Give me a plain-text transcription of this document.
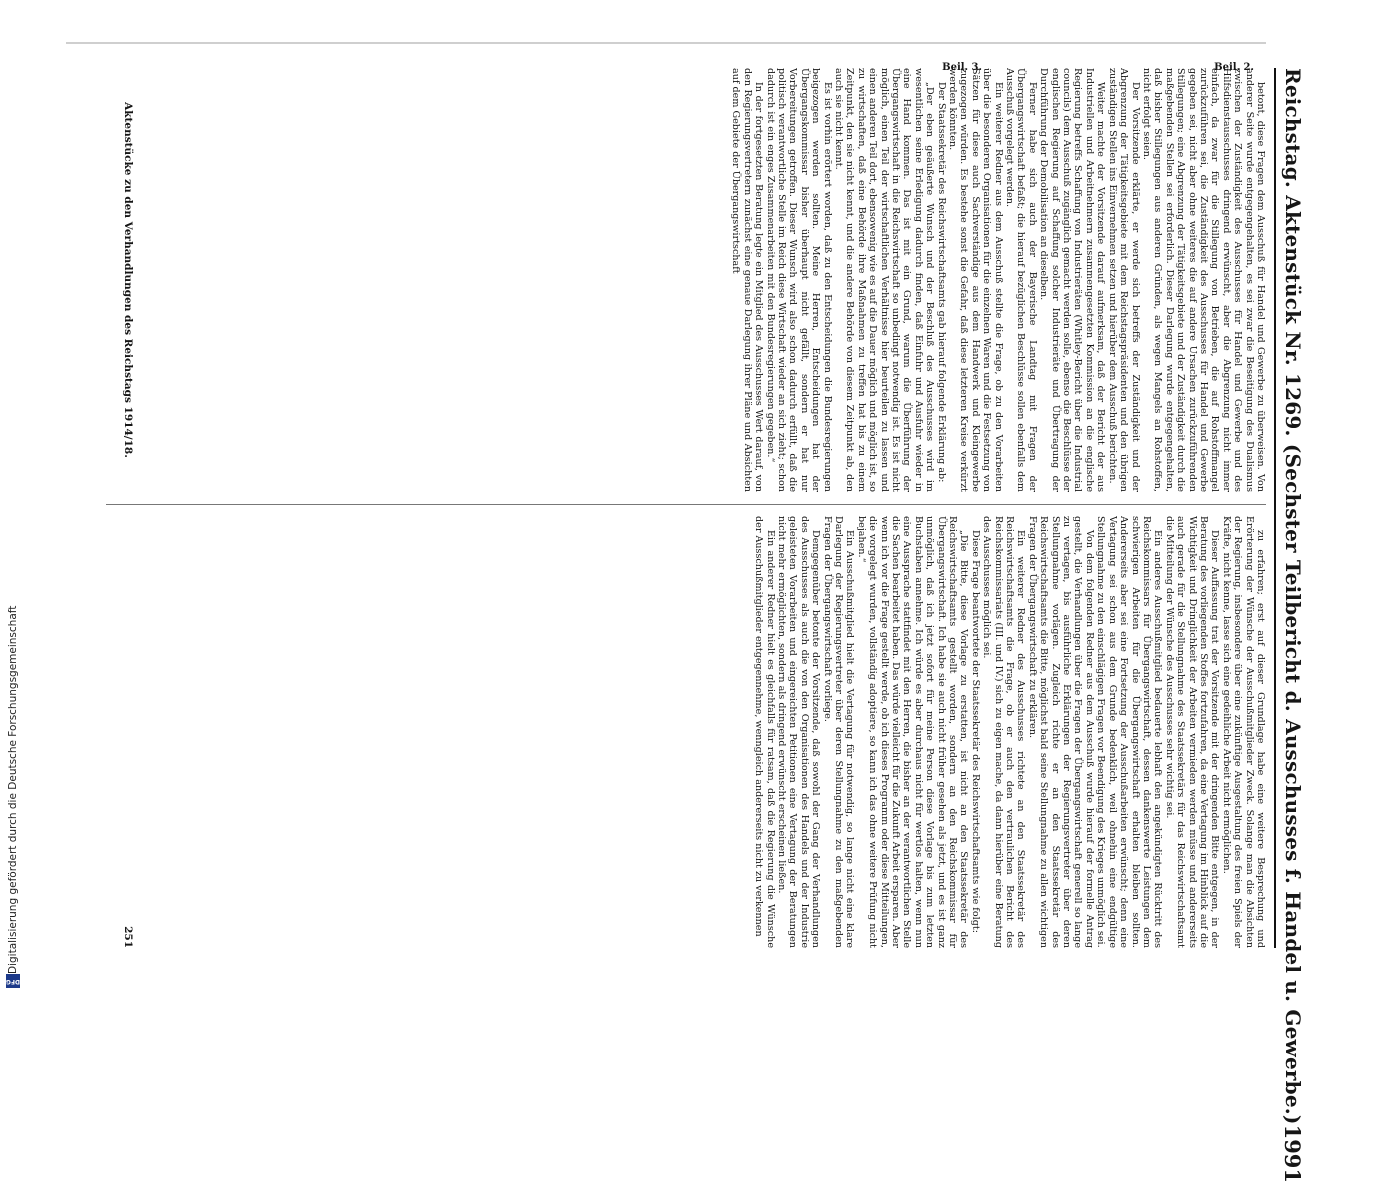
DFG
Digitalisierung gefördert durch die Deutsche Forschungsgemeinschaft	Reichstag. Aktenstück Nr. 1269. (Sechster Teilbericht d. Ausschusses f. Handel u. Gewerbe.)
1991

betont, diese Fragen dem Ausschuß für Handel und Gewerbe zu überweisen. Von anderer Seite wurde entgegengehalten, es sei zwar die Beseitigung des Dualismus zwischen der Zuständigkeit des Ausschusses für Handel und Gewerbe und des Hilfsdienstausschusses dringend erwünscht, aber die Abgrenzung nicht immer einfach, da zwar für die Stillegung von Betrieben, die auf Rohstoffmangel zurückzuführen sei, die Zuständigkeit des Ausschusses für Handel und Gewerbe gegeben sei, nicht aber ohne weiteres die auf andere Ursachen zurückzuführenden Stillegungen; eine Abgrenzung der Tätigkeitsgebiete und der Zuständigkeit durch die maßgebenden Stellen sei erforderlich. Dieser Darlegung wurde entgegengehalten, daß bisher Stillegungen aus anderen Gründen, als wegen Mangels an Rohstoffen, nicht erfolgt seien.

Der Vorsitzende erklärte, er werde sich betreffs der Zuständigkeit und der Abgrenzung der Tätigkeitsgebiete mit dem Reichstagspräsidenten und den übrigen zuständigen Stellen ins Einvernehmen setzen und hierüber dem Ausschuß berichten.

Weiter machte der Vorsitzende darauf aufmerksam, daß der Bericht der aus Industriellen und Arbeitnehmern zusammengesetzten Kommission an die englische Regierung betreffs Schaffung von Industrieräten (Whitley-Bericht über die Industrial councils) dem Ausschuß zugänglich gemacht werden solle, ebenso die Beschlüsse der englischen Regierung auf Schaffung solcher Industrieräte und Übertragung der Durchführung der Demobilisation an dieselben.

Ferner habe sich auch der Bayerische Landtag mit Fragen der Übergangswirtschaft befaßt; die hierauf bezüglichen Beschlüsse sollen ebenfalls dem Ausschuß vorgelegt werden.

Ein weiterer Redner aus dem Ausschuß stellte die Frage, ob zu den Vorarbeiten über die besonderen Organisationen für die einzelnen Waren und die Festsetzung von Sätzen für diese auch Sachverständige aus dem Handwerk und Kleingewerbe zugezogen würden. Es bestehe sonst die Gefahr, daß diese letzteren Kreise verkürzt werden könnten.

Der Staatssekretär des Reichswirtschaftsamts gab hierauf folgende Erklärung ab:

„Der eben geäußerte Wunsch und der Beschluß des Ausschusses wird im wesentlichen seine Erledigung dadurch finden, daß Einfuhr und Ausfuhr wieder in eine Hand kommen. Das ist mit ein Grund, warum die Überführung der Übergangswirtschaft in die Reichswirtschaft so unbedingt notwendig ist. Es ist nicht möglich, einen Teil der wirtschaftlichen Verhältnisse hier beurteilen zu lassen und einen anderen Teil dort, ebensowenig wie es auf die Dauer möglich und möglich ist, so zu wirtschaften, daß eine Behörde ihre Maßnahmen zu treffen hat bis zu einem Zeitpunkt, den sie nicht kennt, und die andere Behörde von diesem Zeitpunkt ab, den auch sie nicht kennt.

Es ist vorhin erörtert worden, daß zu den Entscheidungen die Bundesregierungen beigezogen werden sollten. Meine Herren, Entscheidungen hat der Übergangskommissar bisher überhaupt nicht gefällt, sondern er hat nur Vorbereitungen getroffen. Dieser Wunsch wird also schon dadurch erfüllt, daß die politisch verantwortliche Stelle im Reich diese Wirtschaft wieder an sich zieht; schon dadurch ist ein enges Zusammenarbeiten mit den Bundesregierungen gegeben.“

In der fortgesetzten Beratung legte ein Mitglied des Ausschusses Wert darauf, von den Regierungsvertretern zunächst eine genaue Darlegung ihrer Pläne und Absichten auf dem Gebiete der Übergangswirtschaft

zu erfahren; erst auf dieser Grundlage habe eine weitere Besprechung und Erörterung der Wünsche der Ausschußmitglieder Zweck. Solange man die Absichten der Regierung, insbesondere über eine zukünftige Ausgestaltung des freien Spiels der Kräfte, nicht kenne, lasse sich eine gedeihliche Arbeit nicht ermöglichen.

Dieser Auffassung trat der Vorsitzende mit der dringenden Bitte entgegen, in der Beratung des vorliegenden Stoffes fortzufahren, da eine Vertagung im Hinblick auf die Wichtigkeit und Dringlichkeit der Arbeiten vermieden werden müsse und andererseits auch gerade für die Stellungnahme des Staatssekretärs für das Reichswirtschaftsamt die Mitteilung der Wünsche des Ausschusses sehr wichtig sei.

Ein anderes Ausschußmitglied bedauerte lebhaft den angekündigten Rücktritt des Reichskommissars für Übergangswirtschaft, dessen dankenswerte Leistungen dem schwierigen Arbeiten für die Übergangswirtschaft erhalten bleiben sollten. Andererseits aber sei eine Fortsetzung der Ausschußarbeiten erwünscht; denn eine Vertagung sei schon aus dem Grunde bedenklich, weil ohnehin eine endgültige Stellungnahme zu den einschlägigen Fragen vor Beendigung des Krieges unmöglich sei.

Von dem folgenden Redner aus dem Ausschuß wurde hierauf der formelle Antrag gestellt, die Verhandlungen über die Fragen der Übergangswirtschaft generell so lange zu vertagen, bis ausführliche Erklärungen der Regierungsvertreter über deren Stellungnahme vorlägen. Zugleich richte er an den Staatssekretär des Reichswirtschaftsamts die Bitte, möglichst bald seine Stellungnahme zu allen wichtigen Fragen der Übergangswirtschaft zu erklären.

Ein weiterer Redner des Ausschusses richtete an den Staatssekretär des Reichswirtschaftsamts die Frage, ob er auch den vertraulichen Bericht des Reichskommissariats (III. und IV.) sich zu eigen mache, da dann hierüber eine Beratung des Ausschusses möglich sei.

Diese Frage beantwortete der Staatssekretär des Reichswirtschaftsamts wie folgt:

„Die Bitte, diese Vorlage zu erstatten, ist nicht an den Staatssekretär des Reichswirtschaftsamts gestellt worden, sondern an den Reichskommissar für Übergangswirtschaft. Ich habe sie auch nicht früher gesehen als jetzt, und es ist ganz unmöglich, daß ich jetzt sofort für meine Person diese Vorlage bis zum letzten Buchstaben annehme. Ich würde es aber durchaus nicht für wertlos halten, wenn nun eine Aussprache stattfindet mit den Herren, die bisher an der verantwortlichen Stelle die Sachen bearbeitet haben. Das würde vielleicht für die Zukunft Arbeit ersparen. Aber wenn ich vor die Frage gestellt werde, ob ich dieses Programm oder diese Mitteilungen, die vorgelegt wurden, vollständig adoptiere, so kann ich das ohne weitere Prüfung nicht bejahen.“

Ein Ausschußmitglied hielt die Vertagung für notwendig, so lange nicht eine klare Darlegung der Regierungsvertreter über deren Stellungnahme zu den maßgebenden Fragen der Übergangswirtschaft vorliege.

Demgegenüber betonte der Vorsitzende, daß sowohl der Gang der Verhandlungen des Ausschusses als auch die von den Organisationen des Handels und der Industrie geleisteten Vorarbeiten und eingereichten Petitionen eine Vertagung der Beratungen nicht mehr ermöglichten, sondern als dringend erwünscht erscheinen ließen.

Ein anderer Redner hielt es gleichfalls für ratsam, daß die Regierung die Wünsche der Ausschußmitglieder entgegennehme, wenngleich andererseits nicht zu verkennen

Beil. 2.
Beil. 3.
Aktenstücke zu den Verhandlungen des Reichstags 1914/18.
251
